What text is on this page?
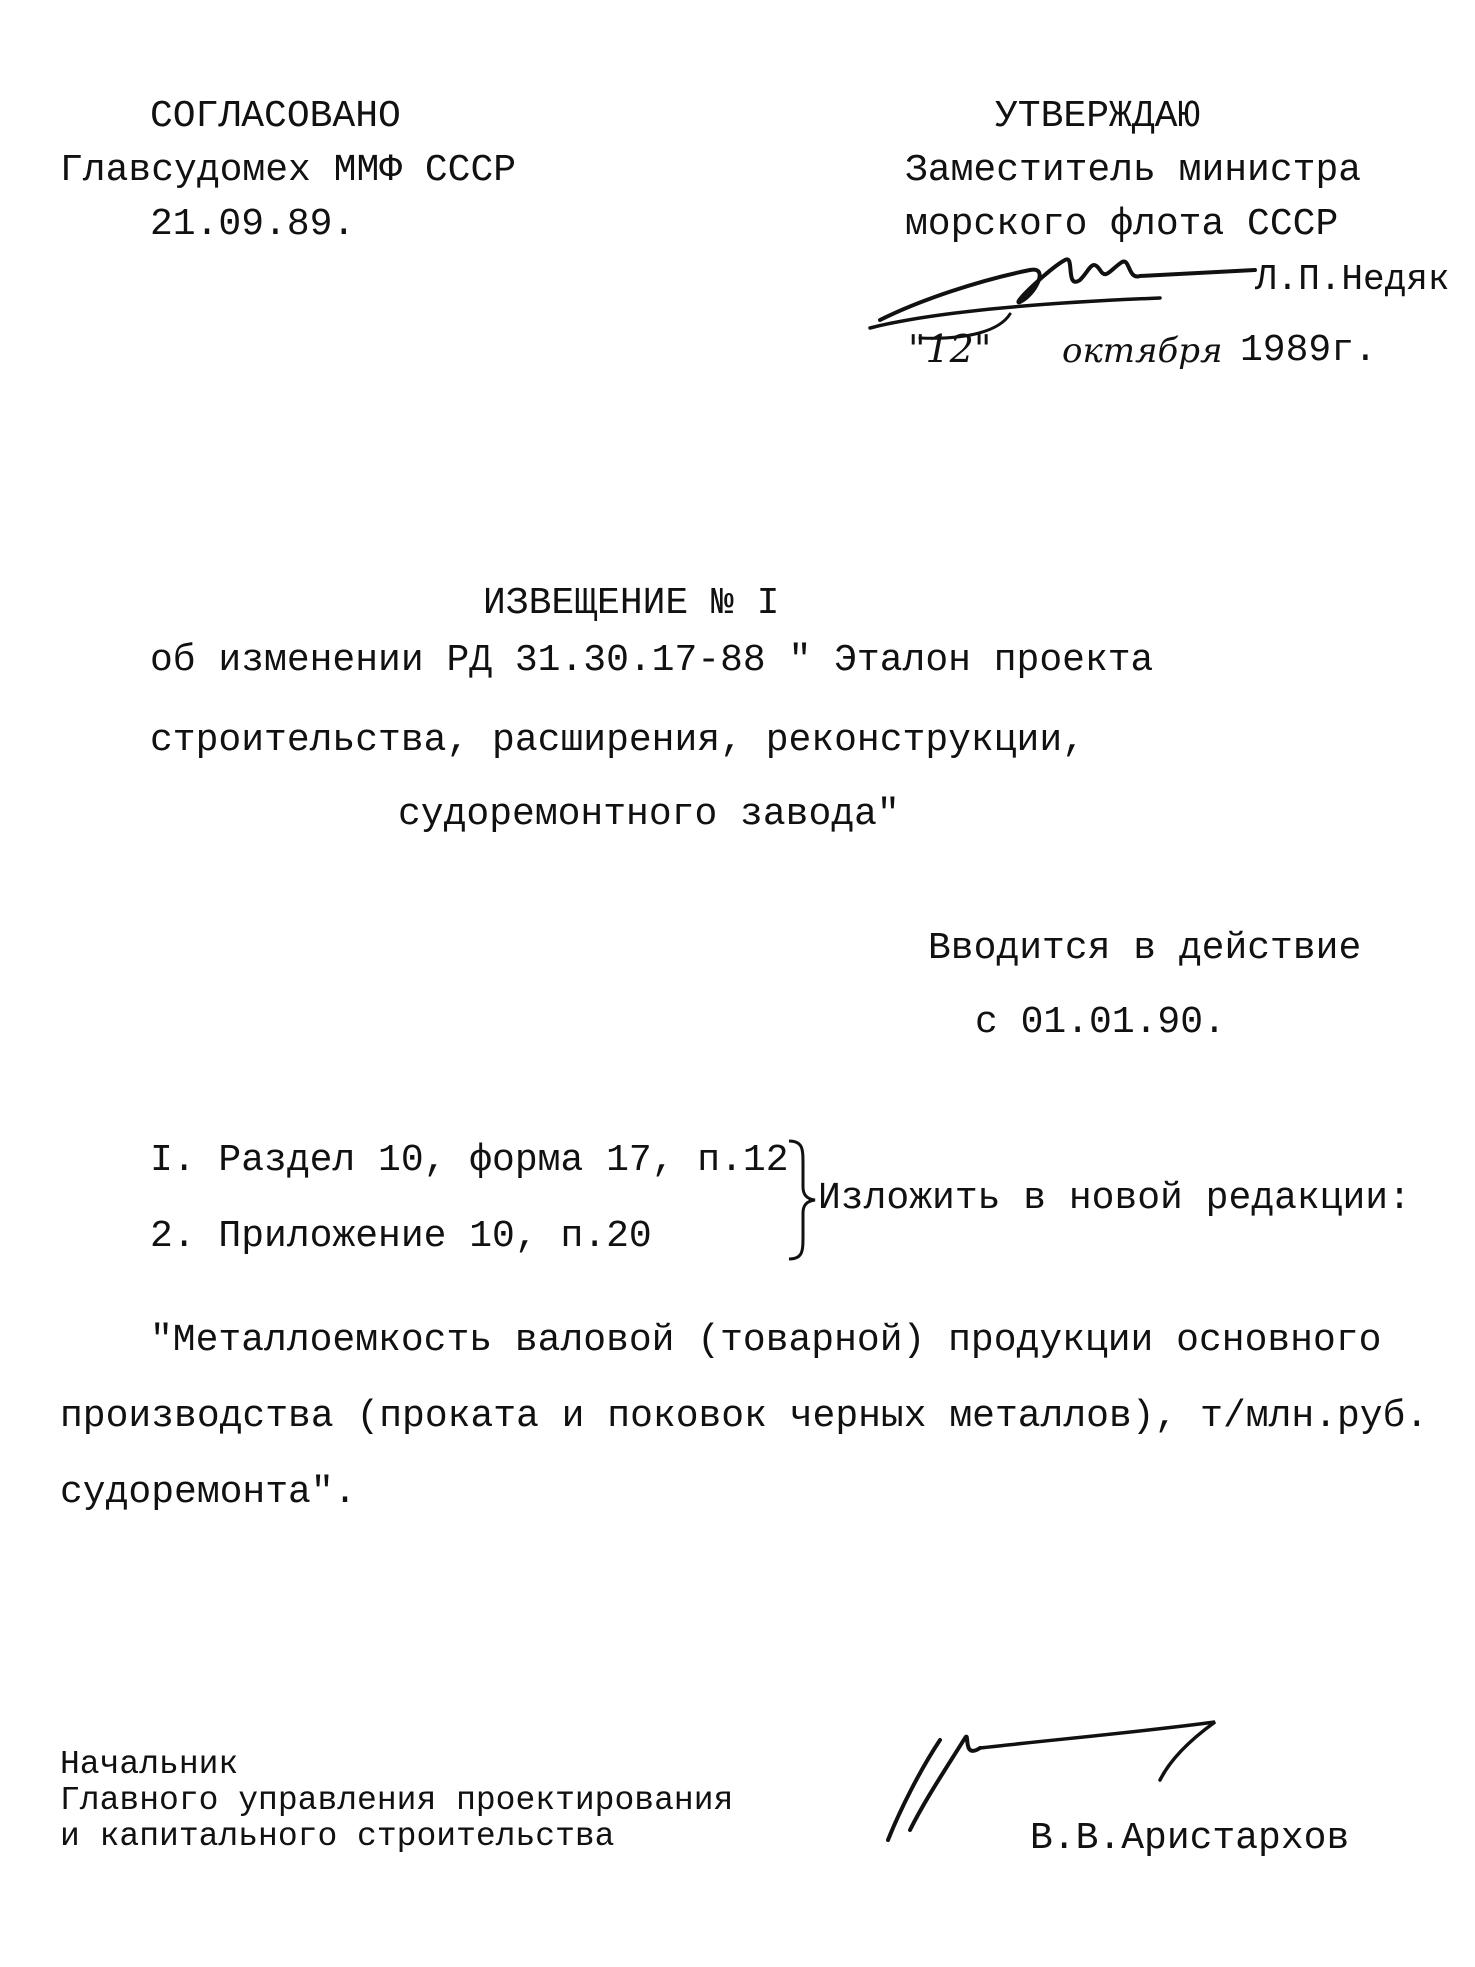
СОГЛАСОВАНО
Главсудомех ММФ СССР
21.09.89.
УТВЕРЖДАЮ
Заместитель министра
морского флота СССР
Л.П.Недяк
"12" октября 1989г.
ИЗВЕЩЕНИЕ № I
об изменении РД 31.30.17-88 " Эталон проекта
строительства, расширения, реконструкции,
судоремонтного завода"
Вводится в действие
с 01.01.90.
I. Раздел 10, форма 17, п.12
2. Приложение 10, п.20
Изложить в новой редакции:
"Металлоемкость валовой (товарной) продукции основного
производства (проката и поковок черных металлов), т/млн.руб.
судоремонта".
Начальник
Главного управления проектирования
и капитального строительства	В.В.Аристархов
